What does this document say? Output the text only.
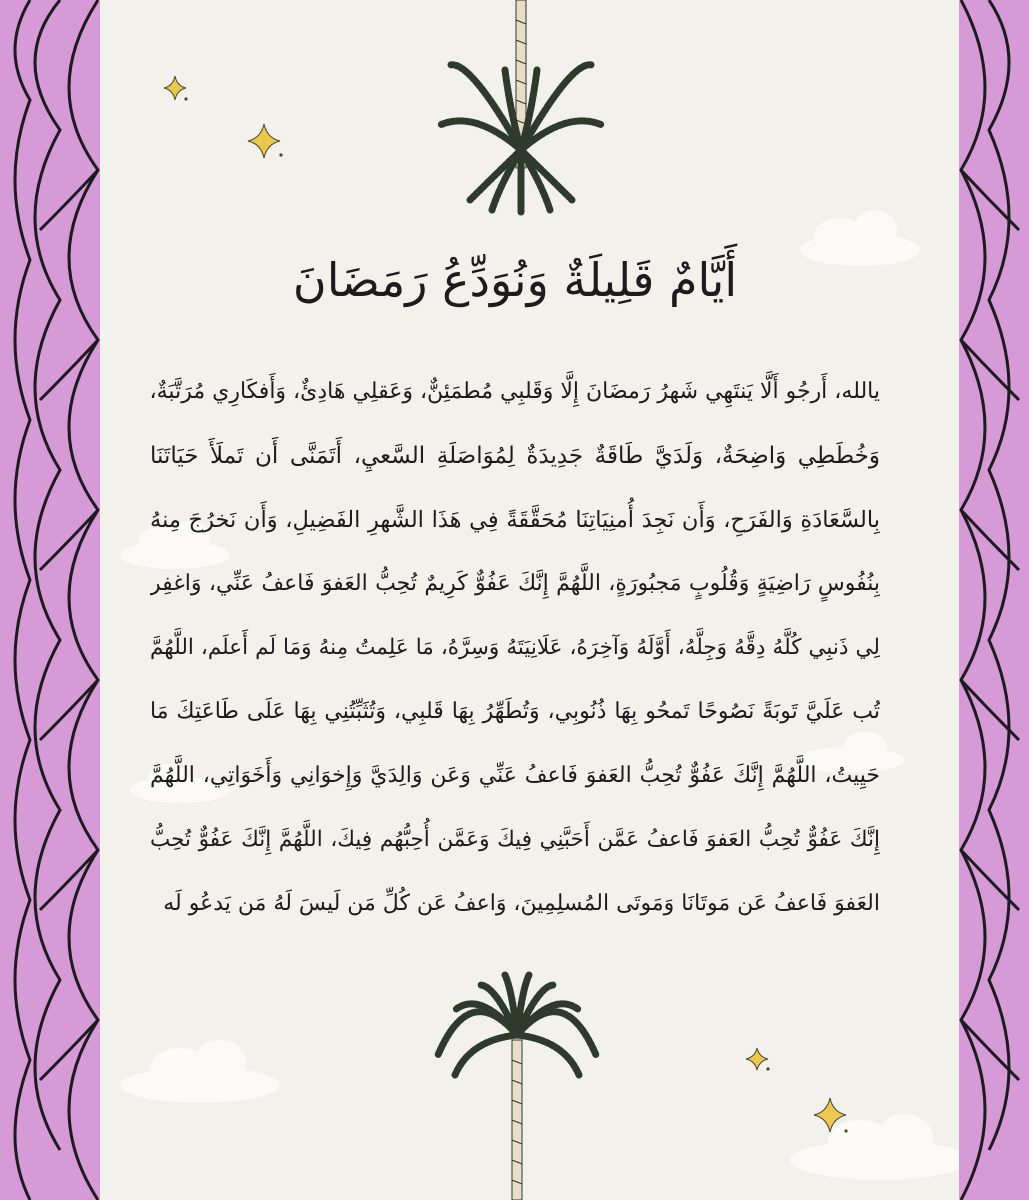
أَيَّامٌ قَلِيلَةٌ وَنُوَدِّعُ رَمَضَانَ
يالله، أَرجُو أَلَّا يَنتَهِي شَهرُ رَمضَانَ إِلَّا وَقَلبِي مُطمَئِنٌّ، وَعَقلِي هَادِئٌ، وَأَفكَارِي مُرَتَّبَةٌ،
وَخُطَطِي وَاضِحَةٌ، وَلَدَيَّ طَاقَةٌ جَدِيدَةٌ لِمُوَاصَلَةِ السَّعيِ، أَتَمَنَّى أَن تَملَأَ حَيَاتَنَا
بِالسَّعَادَةِ وَالفَرَحِ، وَأَن نَجِدَ أُمنِيَاتِنَا مُحَقَّقَةً فِي هَذَا الشَّهرِ الفَضِيلِ، وَأَن نَخرُجَ مِنهُ
بِنُفُوسٍ رَاضِيَةٍ وَقُلُوبٍ مَجبُورَةٍ، اللَّهُمَّ إِنَّكَ عَفُوٌّ كَرِيمٌ تُحِبُّ العَفوَ فَاعفُ عَنِّي، وَاغفِر
لِي ذَنبِي كُلَّهُ دِقَّهُ وَجِلَّهُ، أَوَّلَهُ وَآخِرَهُ، عَلَانِيَتَهُ وَسِرَّهُ، مَا عَلِمتُ مِنهُ وَمَا لَم أَعلَم، اللَّهُمَّ
تُب عَلَيَّ تَوبَةً نَصُوحًا تَمحُو بِهَا ذُنُوبِي، وَتُطَهِّرُ بِهَا قَلبِي، وَتُثَبِّتُنِي بِهَا عَلَى طَاعَتِكَ مَا
حَيِيتُ، اللَّهُمَّ إِنَّكَ عَفُوٌّ تُحِبُّ العَفوَ فَاعفُ عَنِّي وَعَن وَالِدَيَّ وَإِخوَانِي وَأَخَوَاتِي، اللَّهُمَّ
إِنَّكَ عَفُوٌّ تُحِبُّ العَفوَ فَاعفُ عَمَّن أَحَبَّنِي فِيكَ وَعَمَّن أُحِبُّهُم فِيكَ، اللَّهُمَّ إِنَّكَ عَفُوٌّ تُحِبُّ
العَفوَ فَاعفُ عَن مَوتَانَا وَمَوتَى المُسلِمِينَ، وَاعفُ عَن كُلِّ مَن لَيسَ لَهُ مَن يَدعُو لَه
